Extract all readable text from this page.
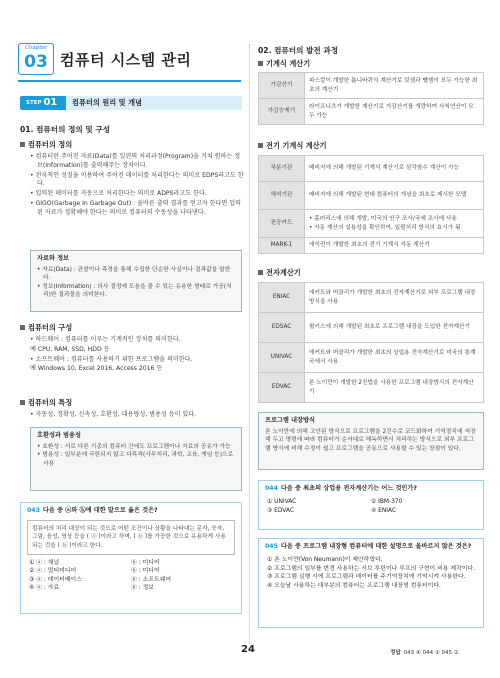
Chapter
03 컴퓨터 시스템 관리
STEP 01	컴퓨터의 원리 및 개념
01. 컴퓨터의 정의 및 구성
컴퓨터의 정의

• 컴퓨터란 주어진 자료(Data)를 일련의 처리과정(Program)을 거쳐 원하는 정보(Information)를 출력해주는 장치이다.

• 전자적인 성질을 이용하여 주어진 데이터를 처리한다는 의미로 EDPS라고도 한다.

• 입력된 데이터를 자동으로 처리한다는 의미로 ADPS라고도 한다.

• GIGO(Garbage In Garbage Out) : 올바른 출력 결과를 얻고자 한다면 입력된 자료가 정확해야 한다는 의미로 컴퓨터의 수동성을 나타낸다.

자료와 정보

• 자료(Data) : 관찰이나 측정을 통해 수집한 단순한 사실이나 결과값을 말한다.

• 정보(Information) : 의사 결정에 도움을 줄 수 있는 유용한 형태로 가공(처리)한 결과물을 의미한다.

컴퓨터의 구성

• 하드웨어 : 컴퓨터를 이루는 기계적인 장치를 의미한다.

예 CPU, RAM, SSD, HDD 등

• 소프트웨어 : 컴퓨터를 사용하기 위한 프로그램을 의미한다.

예 Windows 10, Excel 2016, Access 2016 등

컴퓨터의 특징

• 자동성, 정확성, 신속성, 호환성, 대용량성, 범용성 등이 있다.

호환성과 범용성

• 호환성 : 서로 다른 기종의 컴퓨터 간에도 프로그램이나 자료의 공유가 가능

• 범용성 : 일부분에 국한되지 않고 다목적(사무처리, 과학, 교육, 게임 등)으로 사용

043 다음 중 ⓐ와 ⓑ에 대한 말으로 옳은 것은?
컴퓨터의 처리 대상이 되는 것으로 어떤 조건이나 상황을 나타내는 문자, 숫자, 그림, 음성, 영상 등을 ( ⓐ )이라고 하며, ( ⓑ )를 가공한 것으로 유용하게 사용되는 것을 ( ⓑ )이라고 한다.
① ⓐ : 채널	ⓑ : 미디어
② ⓐ : 멀티미디어	ⓑ : 미디어
③ ⓐ : 데이터베이스	ⓑ : 소프트웨어
④ ⓐ : 자료	ⓑ : 정보
02. 컴퓨터의 발전 과정
기계식 계산기
가감산기	파스칼이 개발한 톱니바퀴식 계산기로 덧셈과 뺄셈이 모두 가능한 최초의 계산기
가감승제기	라이프니츠가 개발한 계산기로 가감산기를 개량하여 사칙연산이 모두 가능
전기 기계식 계산기
차분기관	배비지에 의해 개발된 기계식 계산기로 삼각함수 계산이 가능
해석기관	배비지에 의해 개발된 현대 컴퓨터의 개념을 최초로 제시한 모델
천공카드	• 홀러리스에 의해 개발, 미국의 인구 조사/국세 조사에 사용
• 자동 계산의 실용성을 확인하여, 일괄처리 방식의 효시가 됨
MARK-1	에이컨이 개발한 최초의 전기 기계식 자동 계산기
전자계산기
ENIAC	에커트와 머클리가 개발한 최초의 전자계산기로 외부 프로그램 내장방식을 사용
EDSAC	윌키스에 의해 개발된 최초로 프로그램 내장을 도입한 전자계산기
UNIVAC	에커트와 머클리가 개발한 최초의 상업용 전자계산기로 미국의 통계국에서 사용
EDVAC	폰 노이만이 개발한 2진법을 사용한 프로그램 내장방식의 전자계산기
프로그램 내장방식

폰 노이만에 의해 고안된 방식으로 프로그램을 2진수로 코드화하여 기억장치에 저장해 두고 명령에 따라 컴퓨터가 순서대로 해독하면서 처리하는 방식으로 외부 프로그램 방식에 비해 수정이 쉽고 프로그램을 공동으로 사용할 수 있는 장점이 있다.

044 다음 중 최초의 상업용 전자계산기는 어느 것인가?
① UNIVAC	② IBM-370
③ EDVAC	④ ENIAC
045 다음 중 프로그램 내장형 컴퓨터에 대한 설명으로 올바르지 않은 것은?

① 폰 노이만(Von Neumann)이 제안하였다.

② 프로그램의 일부를 변경 사용하는 서브 루틴이나 루프의 구현이 비용 제작이다.

③ 프로그램 실행 시에 프로그램과 데이터를 주기억장치에 기억시켜 사용한다.

④ 오늘날 사용하는 대부분의 컴퓨터는 프로그램 내장형 컴퓨터이다.

24	정답 043 ④ 044 ① 045 ②
